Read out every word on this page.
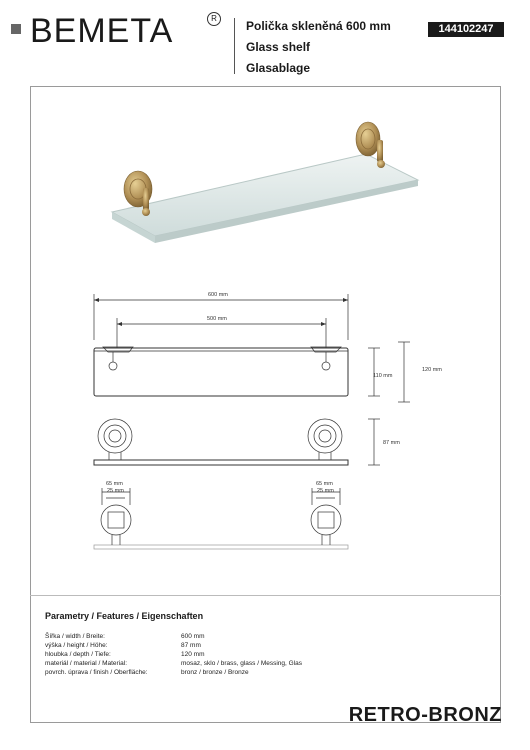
BEMETA	R
Polička skleněná 600 mm
Glass shelf
Glasablage
144102247
600 mm
500 mm
110 mm
120 mm
87 mm
65 mm
25 mm
65 mm
25 mm
Parametry / Features / Eigenschaften
Šířka / width / Breite:	600 mm
výška / height / Höhe:	87 mm
hloubka / depth / Tiefe:	120 mm
materiál / material / Material:	mosaz, sklo / brass, glass / Messing, Glas
povrch. úprava / finish / Oberfläche:	bronz / bronze / Bronze
RETRO-BRONZ
